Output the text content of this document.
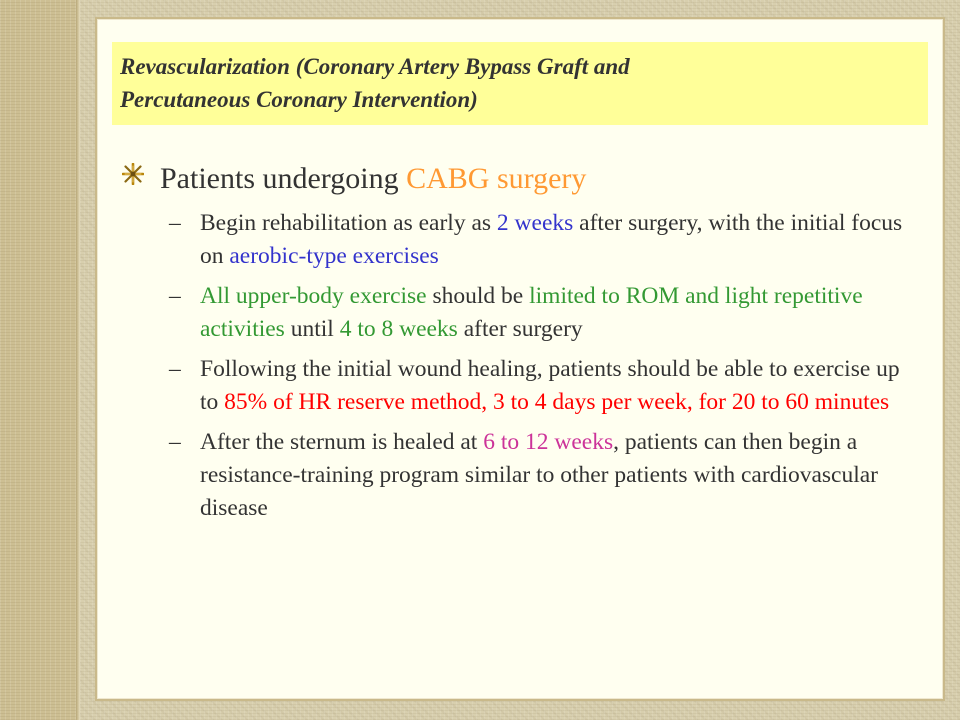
Revascularization (Coronary Artery Bypass Graft and
Percutaneous Coronary Intervention)

Patients undergoing CABG surgery
– Begin rehabilitation as early as 2 weeks after surgery, with the initial focus on aerobic-type exercises
– All upper-body exercise should be limited to ROM and light repetitive activities until 4 to 8 weeks after surgery
– Following the initial wound healing, patients should be able to exercise up to 85% of HR reserve method, 3 to 4 days per week, for 20 to 60 minutes
– After the sternum is healed at 6 to 12 weeks, patients can then begin a resistance-training program similar to other patients with cardiovascular disease
